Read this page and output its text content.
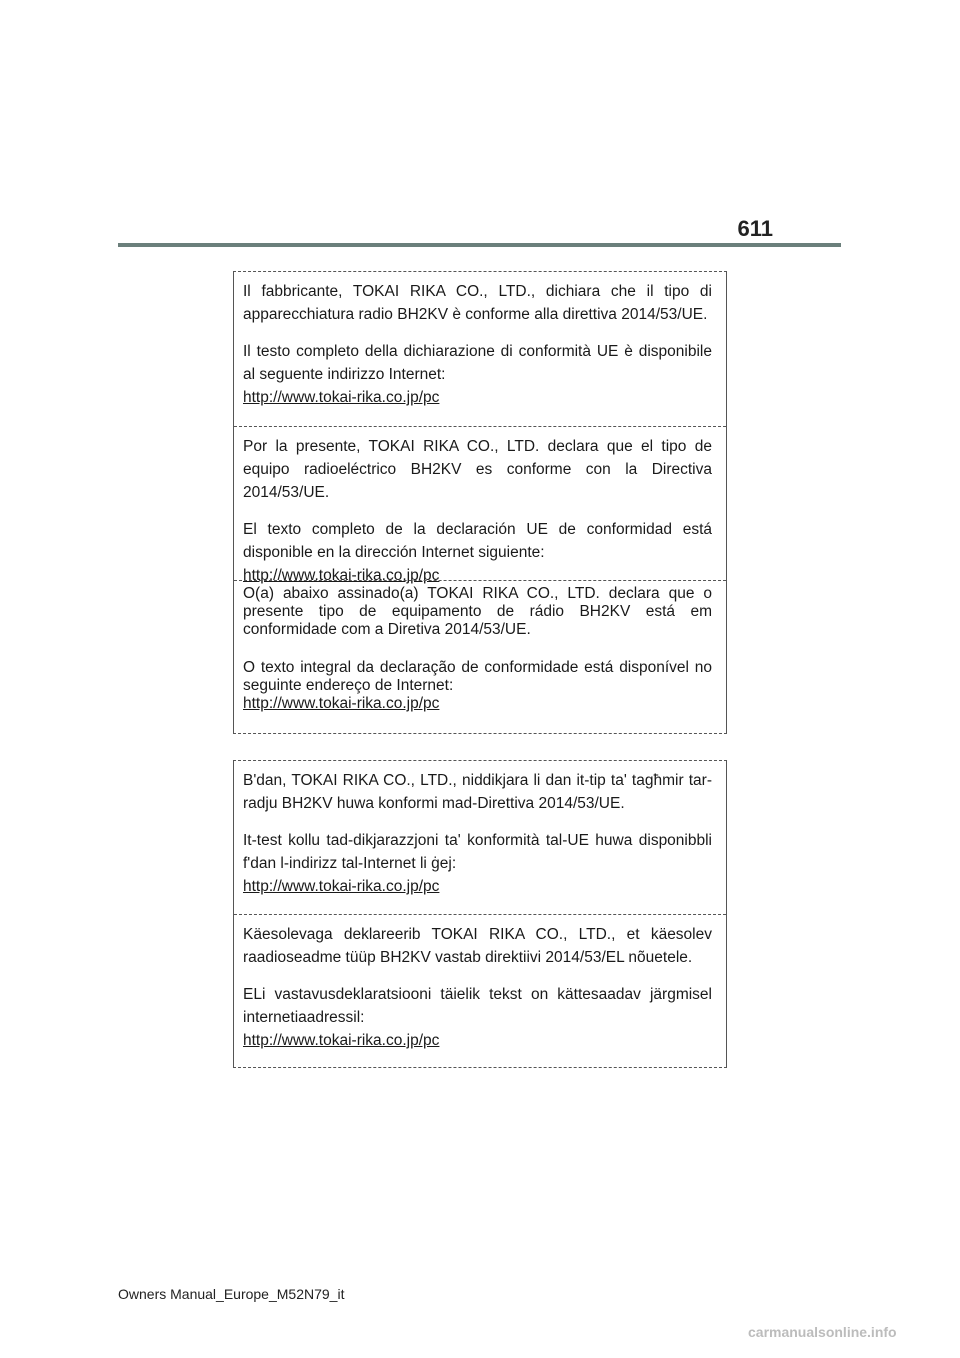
611

Il fabbricante, TOKAI RIKA CO., LTD., dichiara che il tipo di apparecchiatura radio BH2KV è conforme alla direttiva 2014/53/UE.

Il testo completo della dichiarazione di conformità UE è disponibile al seguente indirizzo Internet:

http://www.tokai-rika.co.jp/pc

Por la presente, TOKAI RIKA CO., LTD. declara que el tipo de equipo radioeléctrico BH2KV es conforme con la Directiva 2014/53/UE.

El texto completo de la declaración UE de conformidad está disponible en la dirección Internet siguiente:

http://www.tokai-rika.co.jp/pc

O(a) abaixo assinado(a) TOKAI RIKA CO., LTD. declara que o presente tipo de equipamento de rádio BH2KV está em conformidade com a Diretiva 2014/53/UE.

O texto integral da declaração de conformidade está disponível no seguinte endereço de Internet:

http://www.tokai-rika.co.jp/pc

B'dan, TOKAI RIKA CO., LTD., niddikjara li dan it-tip ta' tagħmir tar-radju BH2KV huwa konformi mad-Direttiva 2014/53/UE.

It-test kollu tad-dikjarazzjoni ta' konformità tal-UE huwa disponibbli f'dan l-indirizz tal-Internet li ġej:

http://www.tokai-rika.co.jp/pc

Käesolevaga deklareerib TOKAI RIKA CO., LTD., et käesolev raadioseadme tüüp BH2KV vastab direktiivi 2014/53/EL nõuetele.

ELi vastavusdeklaratsiooni täielik tekst on kättesaadav järgmisel internetiaadressil:

http://www.tokai-rika.co.jp/pc
Owners Manual_Europe_M52N79_it
carmanualsonline.info
